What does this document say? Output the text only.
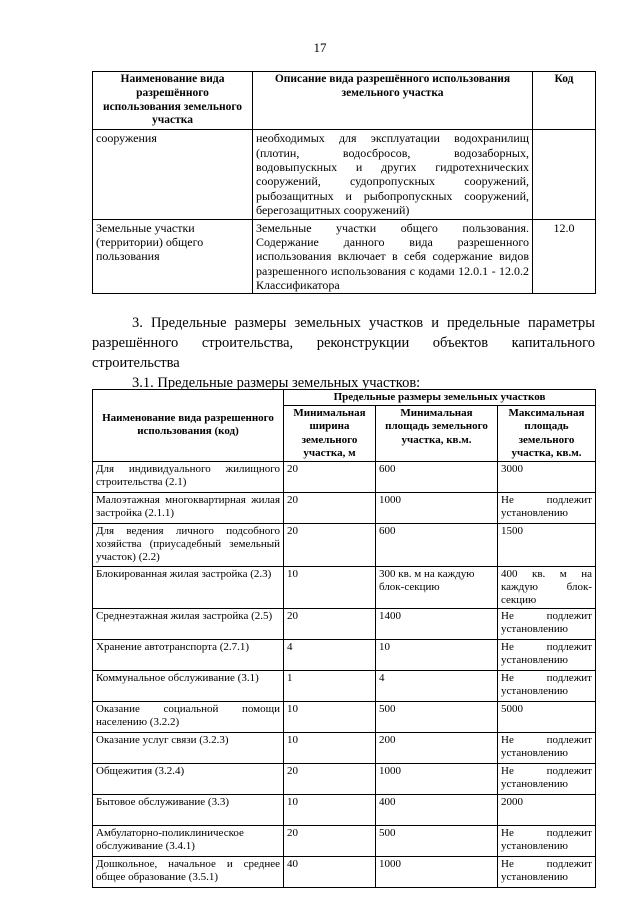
17
Наименование вида разрешённого использования земельного участка	Описание вида разрешённого использования земельного участка	Код
сооружения	необходимых для эксплуатации водохранилищ (плотин, водосбросов, водозаборных, водовыпускных и других гидротехнических сооружений, судопропускных сооружений, рыбозащитных и рыбопропускных сооружений, берегозащитных сооружений)	
Земельные участки (территории) общего пользования	Земельные участки общего пользования. Содержание данного вида разрешенного использования включает в себя содержание видов разрешенного использования с кодами 12.0.1 - 12.0.2 Классификатора	12.0

3. Предельные размеры земельных участков и предельные параметры разрешённого строительства, реконструкции объектов капитального строительства

3.1. Предельные размеры земельных участков:

Наименование вида разрешенного использования (код)	Предельные размеры земельных участков		
	Минимальная ширина земельного участка, м	Минимальная площадь земельного участка, кв.м.	Максимальная площадь земельного участка, кв.м.
Для индивидуального жилищного строительства (2.1)	20	600	3000
Малоэтажная многоквартирная жилая застройка (2.1.1)	20	1000	Не подлежит установлению
Для ведения личного подсобного хозяйства (приусадебный земельный участок) (2.2)	20	600	1500
Блокированная жилая застройка (2.3)	10	300 кв. м на каждую блок-секцию	400 кв. м на каждую блок-секцию
Среднеэтажная жилая застройка (2.5)	20	1400	Не подлежит установлению
Хранение автотранспорта (2.7.1)	4	10	Не подлежит установлению
Коммунальное обслуживание (3.1)	1	4	Не подлежит установлению
Оказание социальной помощи населению (3.2.2)	10	500	5000
Оказание услуг связи (3.2.3)	10	200	Не подлежит установлению
Общежития (3.2.4)	20	1000	Не подлежит установлению
Бытовое обслуживание (3.3)	10	400	2000
Амбулаторно-поликлиническое обслуживание (3.4.1)	20	500	Не подлежит установлению
Дошкольное, начальное и среднее общее образование (3.5.1)	40	1000	Не подлежит установлению
